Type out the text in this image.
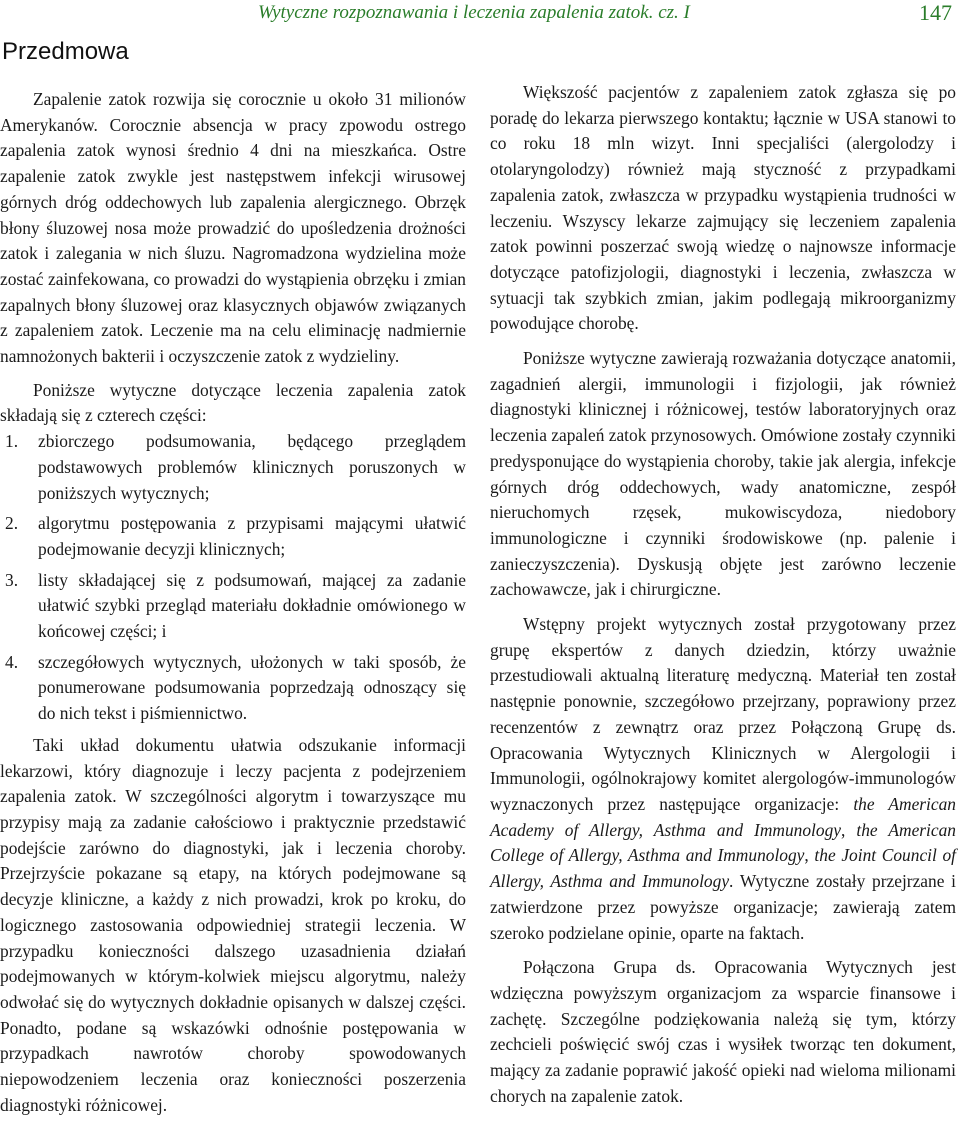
Wytyczne rozpoznawania i leczenia zapalenia zatok. cz. I	147
Przedmowa

Zapalenie zatok rozwija się corocznie u około 31 milionów Amerykanów. Corocznie absencja w pracy zpowodu ostrego zapalenia zatok wynosi średnio 4 dni na mieszkańca. Ostre zapalenie zatok zwykle jest następstwem infekcji wirusowej górnych dróg oddechowych lub zapalenia alergicznego. Obrzęk błony śluzowej nosa może prowadzić do upośledzenia drożności zatok i zalegania w nich śluzu. Nagromadzona wydzielina może zostać zainfekowana, co prowadzi do wystąpienia obrzęku i zmian zapalnych błony śluzowej oraz klasycznych objawów związanych z zapaleniem zatok. Leczenie ma na celu eliminację nadmiernie namnożonych bakterii i oczyszczenie zatok z wydzieliny.

Poniższe wytyczne dotyczące leczenia zapalenia zatok składają się z czterech części:

1. zbiorczego podsumowania, będącego przeglądem podstawowych problemów klinicznych poruszonych w poniższych wytycznych;
2. algorytmu postępowania z przypisami mającymi ułatwić podejmowanie decyzji klinicznych;
3. listy składającej się z podsumowań, mającej za zadanie ułatwić szybki przegląd materiału dokładnie omówionego w końcowej części; i
4. szczegółowych wytycznych, ułożonych w taki sposób, że ponumerowane podsumowania poprzedzają odnoszący się do nich tekst i piśmiennictwo.

Taki układ dokumentu ułatwia odszukanie informacji lekarzowi, który diagnozuje i leczy pacjenta z podejrzeniem zapalenia zatok. W szczególności algorytm i towarzyszące mu przypisy mają za zadanie całościowo i praktycznie przedstawić podejście zarówno do diagnostyki, jak i leczenia choroby. Przejrzyście pokazane są etapy, na których podejmowane są decyzje kliniczne, a każdy z nich prowadzi, krok po kroku, do logicznego zastosowania odpowiedniej strategii leczenia. W przypadku konieczności dalszego uzasadnienia działań podejmowanych w którym-kolwiek miejscu algorytmu, należy odwołać się do wytycznych dokładnie opisanych w dalszej części. Ponadto, podane są wskazówki odnośnie postępowania w przypadkach nawrotów choroby spowodowanych niepowodzeniem leczenia oraz konieczności poszerzenia diagnostyki różnicowej.

Większość pacjentów z zapaleniem zatok zgłasza się po poradę do lekarza pierwszego kontaktu; łącznie w USA stanowi to co roku 18 mln wizyt. Inni specjaliści (alergolodzy i otolaryngolodzy) również mają styczność z przypadkami zapalenia zatok, zwłaszcza w przypadku wystąpienia trudności w leczeniu. Wszyscy lekarze zajmujący się leczeniem zapalenia zatok powinni poszerzać swoją wiedzę o najnowsze informacje dotyczące patofizjologii, diagnostyki i leczenia, zwłaszcza w sytuacji tak szybkich zmian, jakim podlegają mikroorganizmy powodujące chorobę.

Poniższe wytyczne zawierają rozważania dotyczące anatomii, zagadnień alergii, immunologii i fizjologii, jak również diagnostyki klinicznej i różnicowej, testów laboratoryjnych oraz leczenia zapaleń zatok przynosowych. Omówione zostały czynniki predysponujące do wystąpienia choroby, takie jak alergia, infekcje górnych dróg oddechowych, wady anatomiczne, zespół nieruchomych rzęsek, mukowiscydoza, niedobory immunologiczne i czynniki środowiskowe (np. palenie i zanieczyszczenia). Dyskusją objęte jest zarówno leczenie zachowawcze, jak i chirurgiczne.

Wstępny projekt wytycznych został przygotowany przez grupę ekspertów z danych dziedzin, którzy uważnie przestudiowali aktualną literaturę medyczną. Materiał ten został następnie ponownie, szczegółowo przejrzany, poprawiony przez recenzentów z zewnątrz oraz przez Połączoną Grupę ds. Opracowania Wytycznych Klinicznych w Alergologii i Immunologii, ogólnokrajowy komitet alergologów-immunologów wyznaczonych przez następujące organizacje: the American Academy of Allergy, Asthma and Immunology, the American College of Allergy, Asthma and Immunology, the Joint Council of Allergy, Asthma and Immunology. Wytyczne zostały przejrzane i zatwierdzone przez powyższe organizacje; zawierają zatem szeroko podzielane opinie, oparte na faktach.

Połączona Grupa ds. Opracowania Wytycznych jest wdzięczna powyższym organizacjom za wsparcie finansowe i zachętę. Szczególne podziękowania należą się tym, którzy zechcieli poświęcić swój czas i wysiłek tworząc ten dokument, mający za zadanie poprawić jakość opieki nad wieloma milionami chorych na zapalenie zatok.
